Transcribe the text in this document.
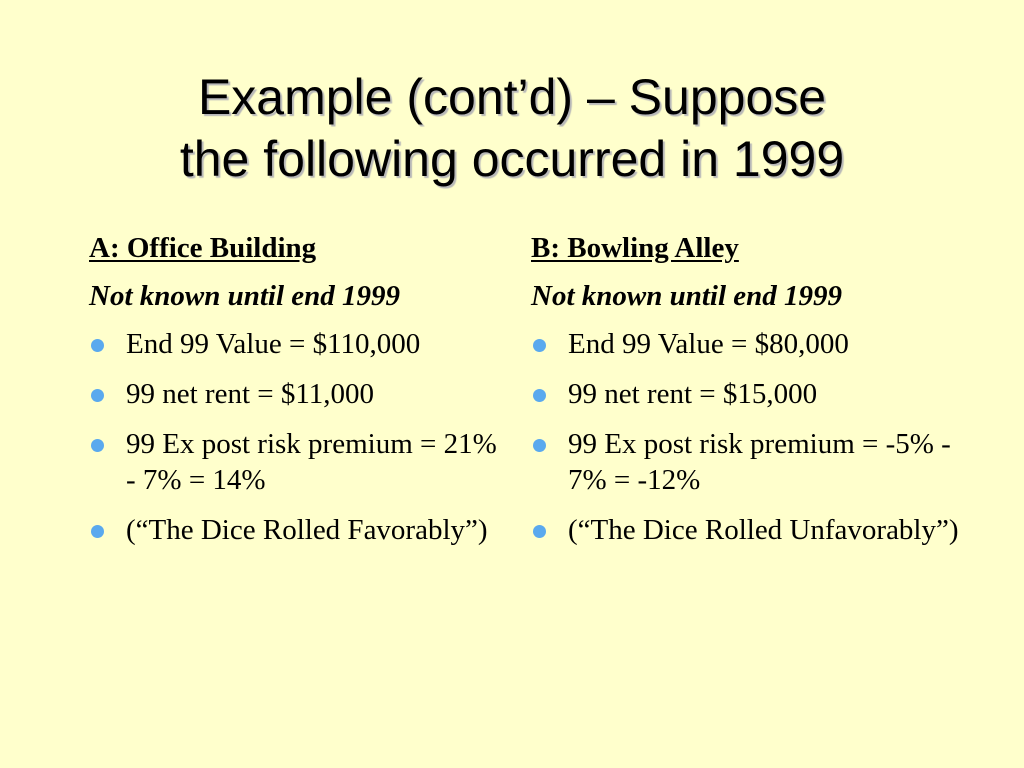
Example (cont’d) – Suppose
the following occurred in 1999
A: Office Building
Not known until end 1999
End 99 Value = $110,000
99 net rent = $11,000
99 Ex post risk premium = 21% - 7% = 14%
(“The Dice Rolled Favorably”)
B: Bowling Alley
Not known until end 1999
End 99 Value = $80,000
99 net rent = $15,000
99 Ex post risk premium = -5% - 7% = -12%
(“The Dice Rolled Unfavorably”)
